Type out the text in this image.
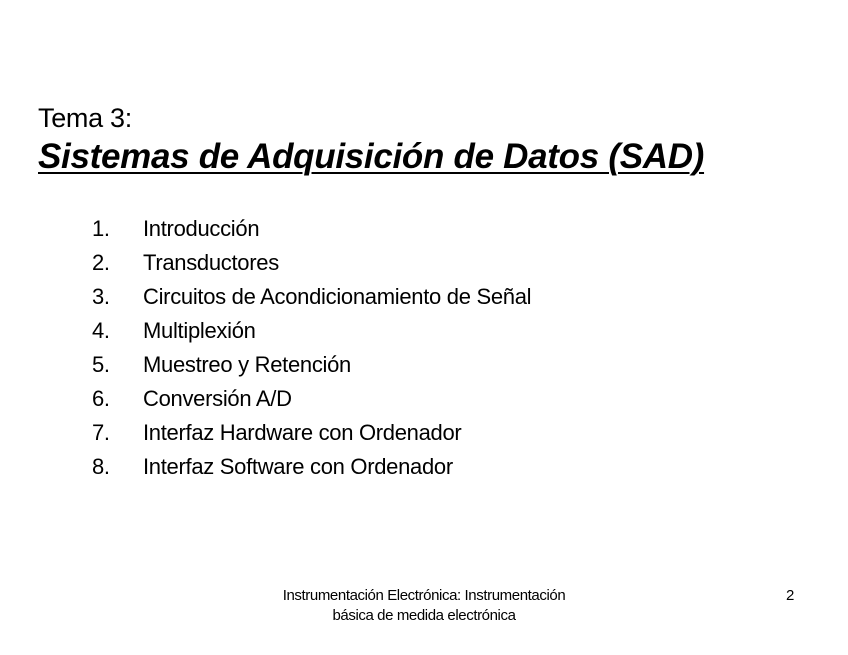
Tema 3:
Sistemas de Adquisición de Datos (SAD)
1.	Introducción
2.	Transductores
3.	Circuitos de Acondicionamiento de Señal
4.	Multiplexión
5.	Muestreo y Retención
6.	Conversión A/D
7.	Interfaz Hardware con Ordenador
8.	Interfaz Software con Ordenador
Instrumentación Electrónica: Instrumentación
básica de medida electrónica
2
